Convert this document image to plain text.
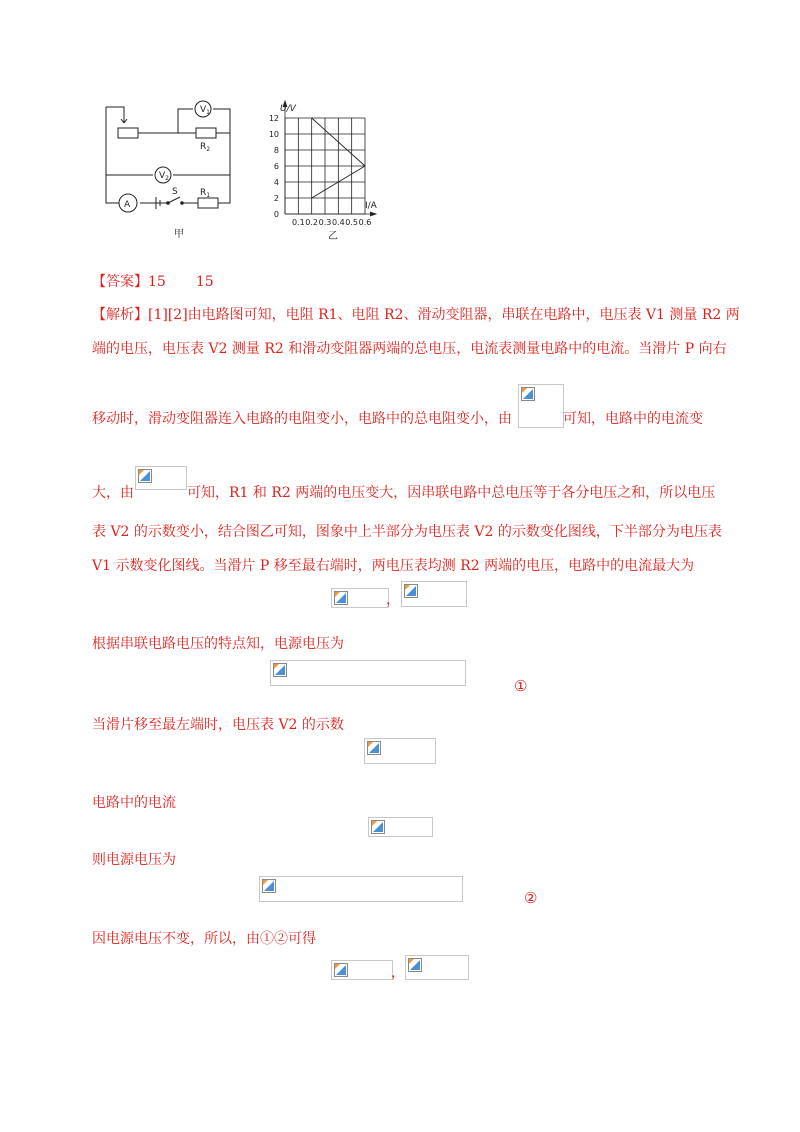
$V_1$
$V_2$
A
S $R_1$
$R_2$
甲
0
2
4
6
8
10
12
0.1 0.2 0.3 0.4 0.5 0.6
U/V
I/A
乙
【答案】15 15
【解析】[1][2]由电路图可知，电阻 R1、电阻 R2、滑动变阻器，串联在电路中，电压表 V1 测量 R2 两
端的电压，电压表 V2 测量 R2 和滑动变阻器两端的总电压，电流表测量电路中的电流。当滑片 P 向右
移动时，滑动变阻器连入电路的电阻变小，电路中的总电阻变小，由	可知，电路中的电流变
大，由	可知，R1 和 R2 两端的电压变大，因串联电路中总电压等于各分电压之和，所以电压
表 V2 的示数变小，结合图乙可知，图象中上半部分为电压表 V2 的示数变化图线，下半部分为电压表
V1 示数变化图线。当滑片 P 移至最右端时，两电压表均测 R2 两端的电压，电路中的电流最大为
，
根据串联电路电压的特点知，电源电压为
①
当滑片移至最左端时，电压表 V2 的示数
电路中的电流
则电源电压为
②
因电源电压不变，所以，由①②可得
，
